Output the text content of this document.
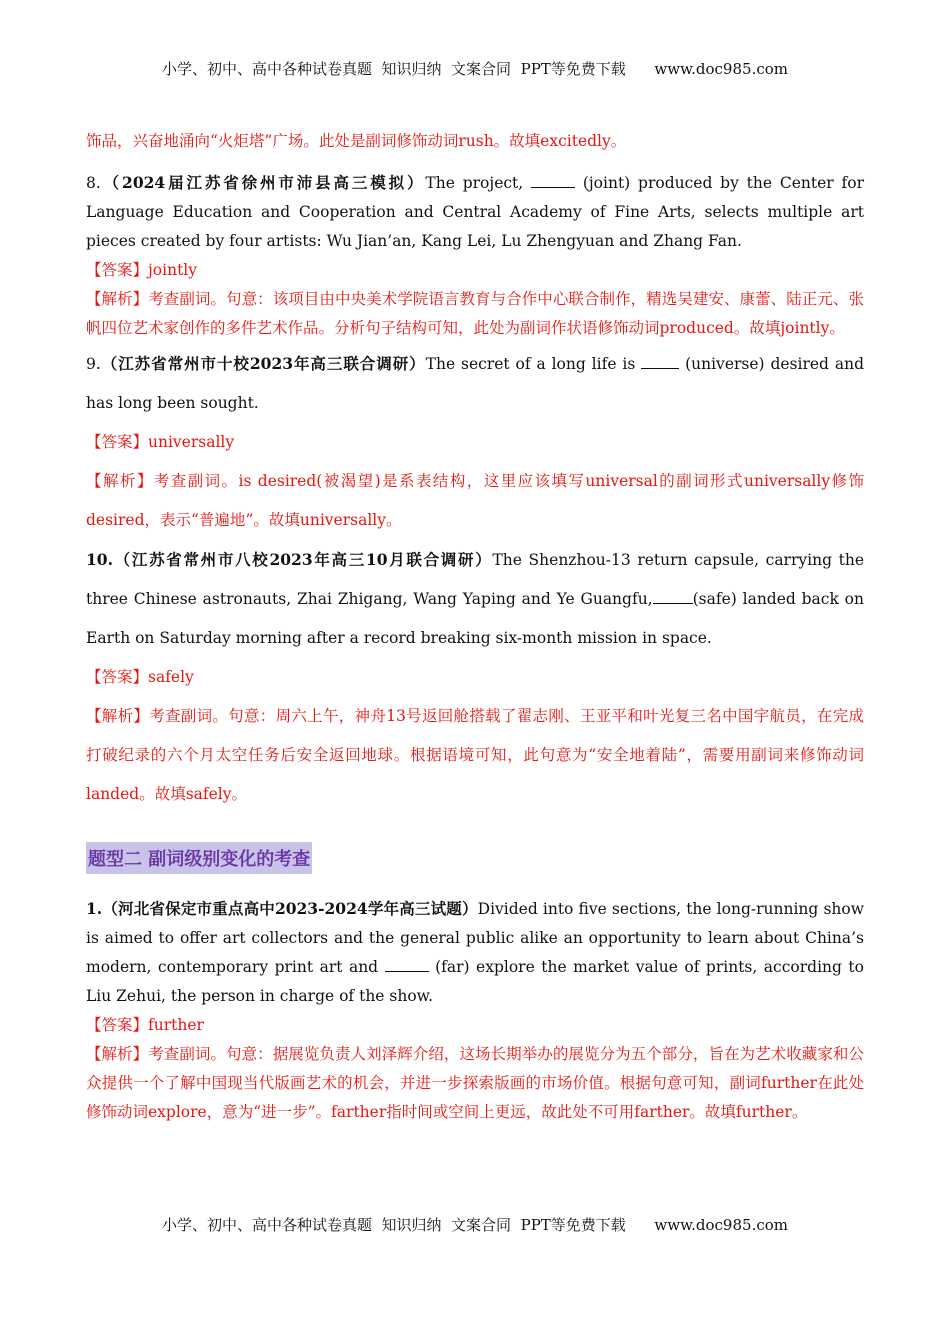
小学、初中、高中各种试卷真题  知识归纳  文案合同  PPT等免费下载      www.doc985.com

饰品，兴奋地涌向“火炬塔”广场。此处是副词修饰动词rush。故填excitedly。

8.（2024届江苏省徐州市沛县高三模拟）The project,	(joint) produced by the Center for Language Education and Cooperation and Central Academy of Fine Arts, selects multiple art pieces created by four artists: Wu Jian’an, Kang Lei, Lu Zhengyuan and Zhang Fan.

【答案】jointly

【解析】考查副词。句意：该项目由中央美术学院语言教育与合作中心联合制作，精选吴建安、康蕾、陆正元、张帆四位艺术家创作的多件艺术作品。分析句子结构可知，此处为副词作状语修饰动词produced。故填jointly。

9.（江苏省常州市十校2023年高三联合调研）The secret of a long life is  (universe) desired and has long been sought.

【答案】universally

【解析】考查副词。is desired(被渴望)是系表结构，这里应该填写universal的副词形式universally修饰desired，表示“普遍地”。故填universally。

10.（江苏省常州市八校2023年高三10月联合调研）The Shenzhou-13 return capsule, carrying the three Chinese astronauts, Zhai Zhigang, Wang Yaping and Ye Guangfu,	(safe) landed back on Earth on Saturday morning after a record breaking six-month mission in space.

【答案】safely

【解析】考查副词。句意：周六上午，神舟13号返回舱搭载了翟志刚、王亚平和叶光复三名中国宇航员，在完成打破纪录的六个月太空任务后安全返回地球。根据语境可知，此句意为“安全地着陆”，需要用副词来修饰动词landed。故填safely。

题型二 副词级别变化的考查

1.（河北省保定市重点高中2023-2024学年高三试题）Divided into five sections, the long-running show is aimed to offer art collectors and the general public alike an opportunity to learn about China’s modern, contemporary print art and	(far) explore the market value of prints, according to Liu Zehui, the person in charge of the show.

【答案】further

【解析】考查副词。句意：据展览负责人刘泽辉介绍，这场长期举办的展览分为五个部分，旨在为艺术收藏家和公众提供一个了解中国现当代版画艺术的机会，并进一步探索版画的市场价值。根据句意可知，副词further在此处修饰动词explore，意为“进一步”。farther指时间或空间上更远，故此处不可用farther。故填further。

小学、初中、高中各种试卷真题  知识归纳  文案合同  PPT等免费下载      www.doc985.com
